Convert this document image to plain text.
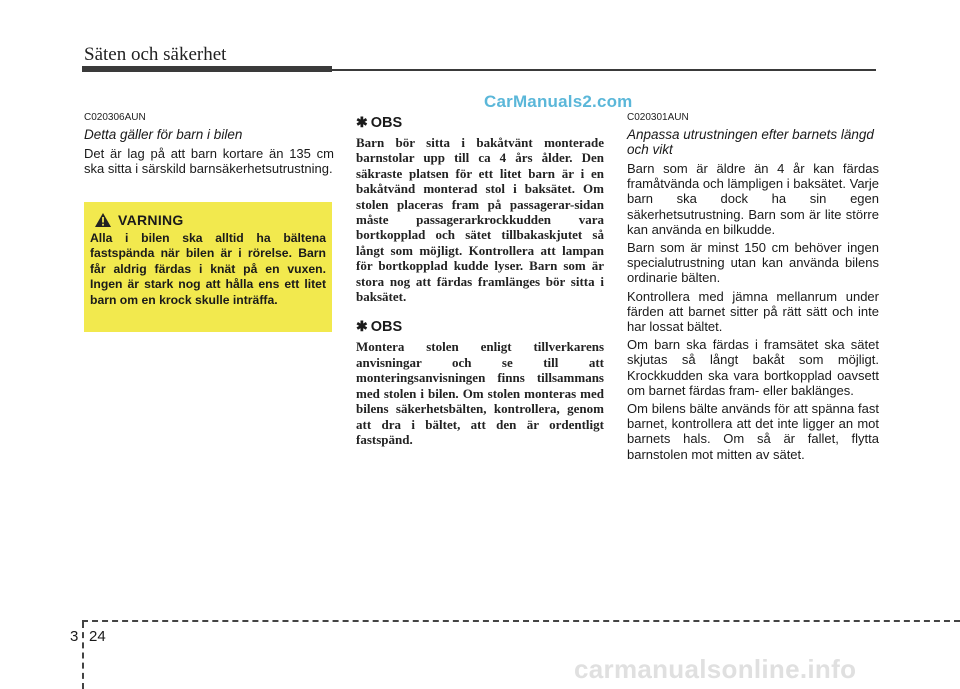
Säten och säkerhet
CarManuals2.com

C020306AUN

Detta gäller för barn i bilen

Det är lag på att barn kortare än 135 cm ska sitta i särskild barnsäkerhetsutrustning.

VARNING

Alla i bilen ska alltid ha bältena fastspända när bilen är i rörelse. Barn får aldrig färdas i knät på en vuxen. Ingen är stark nog att hålla ens ett litet barn om en krock skulle inträffa.

✱ OBS

Barn bör sitta i bakåtvänt monterade barnstolar upp till ca 4 års ålder. Den säkraste platsen för ett litet barn är i en bakåtvänd monterad stol i baksätet. Om stolen placeras fram på passagerar-sidan måste passagerarkrockkudden vara bortkopplad och sätet tillbakaskjutet så långt som möjligt. Kontrollera att lampan för bortkopplad kudde lyser. Barn som är stora nog att färdas framlänges bör sitta i baksätet.

✱ OBS

Montera stolen enligt tillverkarens anvisningar och se till att monteringsanvisningen finns tillsammans med stolen i bilen. Om stolen monteras med bilens säkerhetsbälten, kontrollera, genom att dra i bältet, att den är ordentligt fastspänd.

C020301AUN

Anpassa utrustningen efter barnets längd och vikt

Barn som är äldre än 4 år kan färdas framåtvända och lämpligen i baksätet. Varje barn ska dock ha sin egen säkerhetsutrustning. Barn som är lite större kan använda en bilkudde.

Barn som är minst 150 cm behöver ingen specialutrustning utan kan använda bilens ordinarie bälten.

Kontrollera med jämna mellanrum under färden att barnet sitter på rätt sätt och inte har lossat bältet.

Om barn ska färdas i framsätet ska sätet skjutas så långt bakåt som möjligt. Krockkudden ska vara bortkopplad oavsett om barnet färdas fram- eller baklänges.

Om bilens bälte används för att spänna fast barnet, kontrollera att det inte ligger an mot barnets hals. Om så är fallet, flytta barnstolen mot mitten av sätet.

3 24
carmanualsonline.info
